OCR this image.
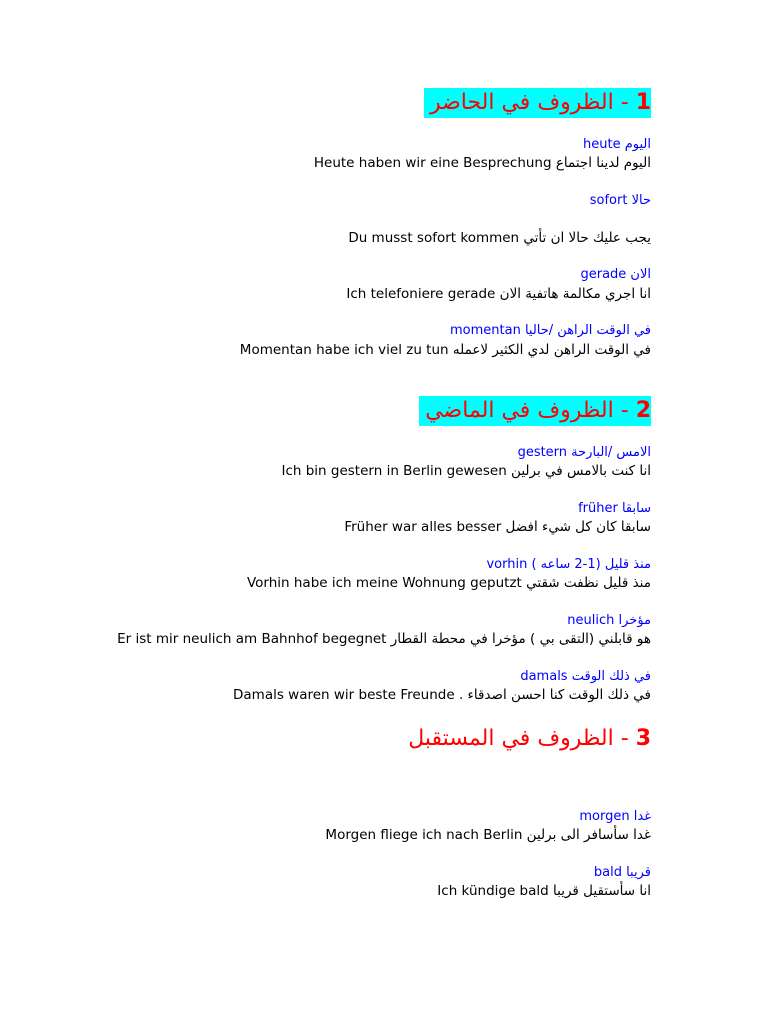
1 - الظروف في الحاضر
اليوم heute
اليوم لدينا اجتماع Heute haben wir eine Besprechung
حالا sofort
يجب عليك حالا ان تأتي Du musst sofort kommen
الان gerade
انا اجري مكالمة هاتفية الان Ich telefoniere gerade
في الوقت الراهن /حاليا momentan
في الوقت الراهن لدي الكثير لاعمله Momentan habe ich viel zu tun
2 - الظروف في الماضي
الامس /البارحة gestern
انا كنت بالامس في برلين Ich bin gestern in Berlin gewesen
سابقا früher
سابقا كان كل شيء افضل Früher war alles besser
منذ قليل (1-2 ساعه ) vorhin
منذ قليل نظفت شقتي Vorhin habe ich meine Wohnung geputzt
مؤخرا neulich
هو قابلني (التقى بي ) مؤخرا في محطة القطار Er ist mir neulich am Bahnhof begegnet
في ذلك الوقت damals
في ذلك الوقت كنا احسن اصدقاء . Damals waren wir beste Freunde
3 - الظروف في المستقبل
غدا morgen
غدا سأسافر الى برلين Morgen fliege ich nach Berlin
قريبا bald
انا سأستقيل قريبا Ich kündige bald
